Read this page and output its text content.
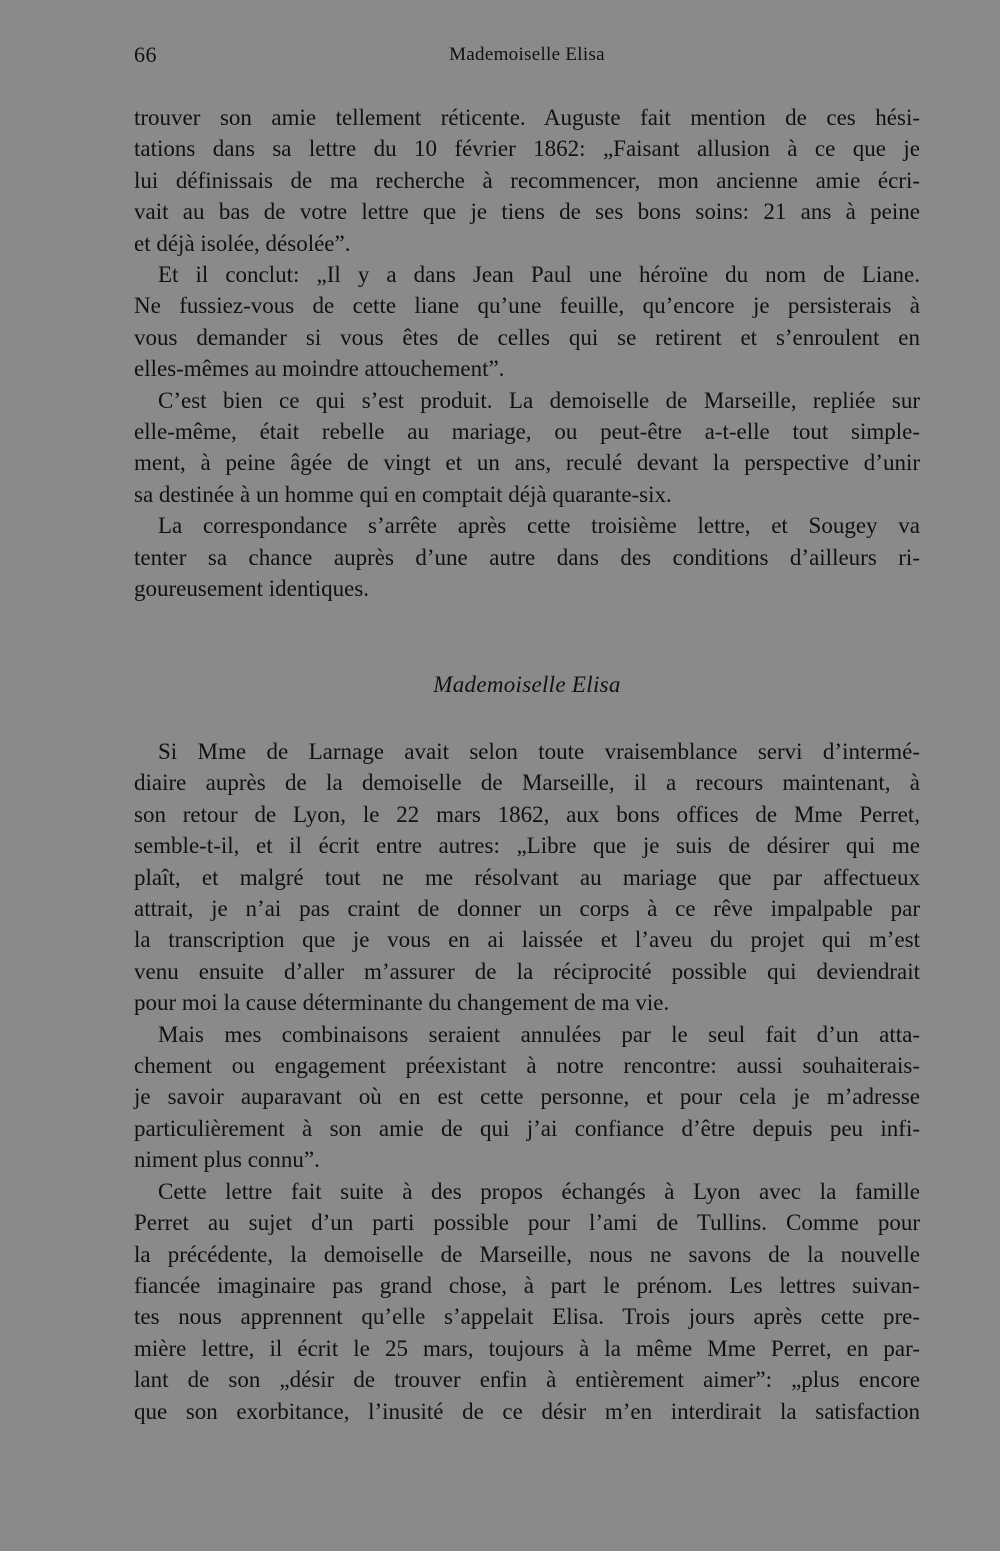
66	Mademoiselle Elisa

trouver son amie tellement réticente. Auguste fait mention de ces hési-
tations dans sa lettre du 10 février 1862: „Faisant allusion à ce que je
lui définissais de ma recherche à recommencer, mon ancienne amie écri-
vait au bas de votre lettre que je tiens de ses bons soins: 21 ans à peine
et déjà isolée, désolée”.

Et il conclut: „Il y a dans Jean Paul une héroïne du nom de Liane.
Ne fussiez-vous de cette liane qu’une feuille, qu’encore je persisterais à
vous demander si vous êtes de celles qui se retirent et s’enroulent en
elles-mêmes au moindre attouchement”.

C’est bien ce qui s’est produit. La demoiselle de Marseille, repliée sur
elle-même, était rebelle au mariage, ou peut-être a-t-elle tout simple-
ment, à peine âgée de vingt et un ans, reculé devant la perspective d’unir
sa destinée à un homme qui en comptait déjà quarante-six.

La correspondance s’arrête après cette troisième lettre, et Sougey va
tenter sa chance auprès d’une autre dans des conditions d’ailleurs ri-
goureusement identiques.

Mademoiselle Elisa

Si Mme de Larnage avait selon toute vraisemblance servi d’intermé-
diaire auprès de la demoiselle de Marseille, il a recours maintenant, à
son retour de Lyon, le 22 mars 1862, aux bons offices de Mme Perret,
semble-t-il, et il écrit entre autres: „Libre que je suis de désirer qui me
plaît, et malgré tout ne me résolvant au mariage que par affectueux
attrait, je n’ai pas craint de donner un corps à ce rêve impalpable par
la transcription que je vous en ai laissée et l’aveu du projet qui m’est
venu ensuite d’aller m’assurer de la réciprocité possible qui deviendrait
pour moi la cause déterminante du changement de ma vie.

Mais mes combinaisons seraient annulées par le seul fait d’un atta-
chement ou engagement préexistant à notre rencontre: aussi souhaiterais-
je savoir auparavant où en est cette personne, et pour cela je m’adresse
particulièrement à son amie de qui j’ai confiance d’être depuis peu infi-
niment plus connu”.

Cette lettre fait suite à des propos échangés à Lyon avec la famille
Perret au sujet d’un parti possible pour l’ami de Tullins. Comme pour
la précédente, la demoiselle de Marseille, nous ne savons de la nouvelle
fiancée imaginaire pas grand chose, à part le prénom. Les lettres suivan-
tes nous apprennent qu’elle s’appelait Elisa. Trois jours après cette pre-
mière lettre, il écrit le 25 mars, toujours à la même Mme Perret, en par-
lant de son „désir de trouver enfin à entièrement aimer”: „plus encore
que son exorbitance, l’inusité de ce désir m’en interdirait la satisfaction
